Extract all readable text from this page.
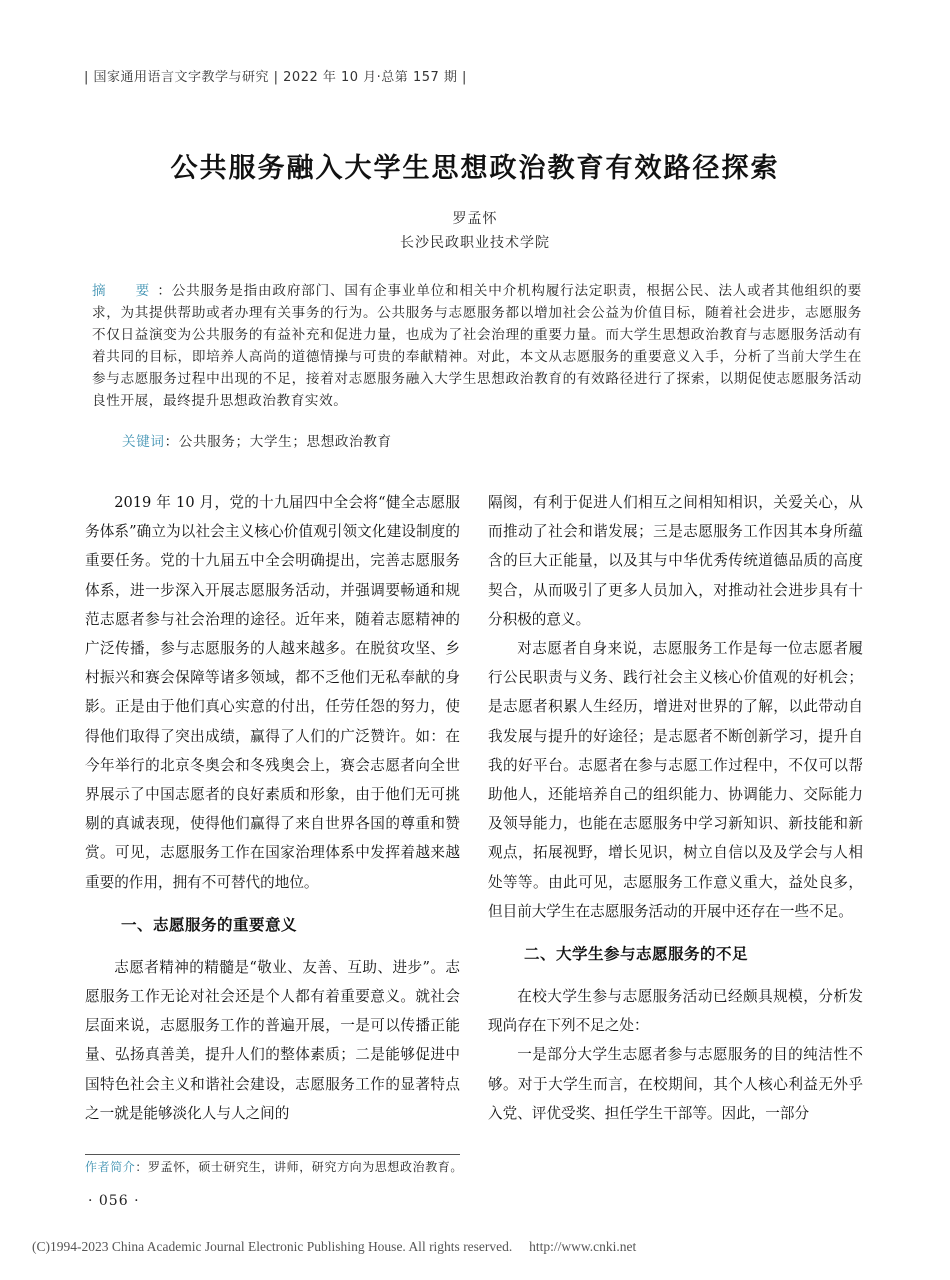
| 国家通用语言文字教学与研究 | 2022 年 10 月·总第 157 期 |
公共服务融入大学生思想政治教育有效路径探索
罗孟怀
长沙民政职业技术学院

摘　要：公共服务是指由政府部门、国有企事业单位和相关中介机构履行法定职责，根据公民、法人或者其他组织的要求，为其提供帮助或者办理有关事务的行为。公共服务与志愿服务都以增加社会公益为价值目标，随着社会进步，志愿服务不仅日益演变为公共服务的有益补充和促进力量，也成为了社会治理的重要力量。而大学生思想政治教育与志愿服务活动有着共同的目标，即培养人高尚的道德情操与可贵的奉献精神。对此，本文从志愿服务的重要意义入手，分析了当前大学生在参与志愿服务过程中出现的不足，接着对志愿服务融入大学生思想政治教育的有效路径进行了探索，以期促使志愿服务活动良性开展，最终提升思想政治教育实效。

关键词：公共服务；大学生；思想政治教育

2019 年 10 月，党的十九届四中全会将“健全志愿服务体系”确立为以社会主义核心价值观引领文化建设制度的重要任务。党的十九届五中全会明确提出，完善志愿服务体系，进一步深入开展志愿服务活动，并强调要畅通和规范志愿者参与社会治理的途径。近年来，随着志愿精神的广泛传播，参与志愿服务的人越来越多。在脱贫攻坚、乡村振兴和赛会保障等诸多领域，都不乏他们无私奉献的身影。正是由于他们真心实意的付出，任劳任怨的努力，使得他们取得了突出成绩，赢得了人们的广泛赞许。如：在今年举行的北京冬奥会和冬残奥会上，赛会志愿者向全世界展示了中国志愿者的良好素质和形象，由于他们无可挑剔的真诚表现，使得他们赢得了来自世界各国的尊重和赞赏。可见，志愿服务工作在国家治理体系中发挥着越来越重要的作用，拥有不可替代的地位。

一、志愿服务的重要意义

志愿者精神的精髓是“敬业、友善、互助、进步”。志愿服务工作无论对社会还是个人都有着重要意义。就社会层面来说，志愿服务工作的普遍开展，一是可以传播正能量、弘扬真善美，提升人们的整体素质；二是能够促进中国特色社会主义和谐社会建设，志愿服务工作的显著特点之一就是能够淡化人与人之间的

隔阂，有利于促进人们相互之间相知相识，关爱关心，从而推动了社会和谐发展；三是志愿服务工作因其本身所蕴含的巨大正能量，以及其与中华优秀传统道德品质的高度契合，从而吸引了更多人员加入，对推动社会进步具有十分积极的意义。

对志愿者自身来说，志愿服务工作是每一位志愿者履行公民职责与义务、践行社会主义核心价值观的好机会；是志愿者积累人生经历，增进对世界的了解，以此带动自我发展与提升的好途径；是志愿者不断创新学习，提升自我的好平台。志愿者在参与志愿工作过程中，不仅可以帮助他人，还能培养自己的组织能力、协调能力、交际能力及领导能力，也能在志愿服务中学习新知识、新技能和新观点，拓展视野，增长见识，树立自信以及及学会与人相处等等。由此可见，志愿服务工作意义重大，益处良多，但目前大学生在志愿服务活动的开展中还存在一些不足。

二、大学生参与志愿服务的不足

在校大学生参与志愿服务活动已经颇具规模，分析发现尚存在下列不足之处：

一是部分大学生志愿者参与志愿服务的目的纯洁性不够。对于大学生而言，在校期间，其个人核心利益无外乎入党、评优受奖、担任学生干部等。因此，一部分

作者简介：罗孟怀，硕士研究生，讲师，研究方向为思想政治教育。
· 056 ·
(C)1994-2023 China Academic Journal Electronic Publishing House. All rights reserved.　 http://www.cnki.net
